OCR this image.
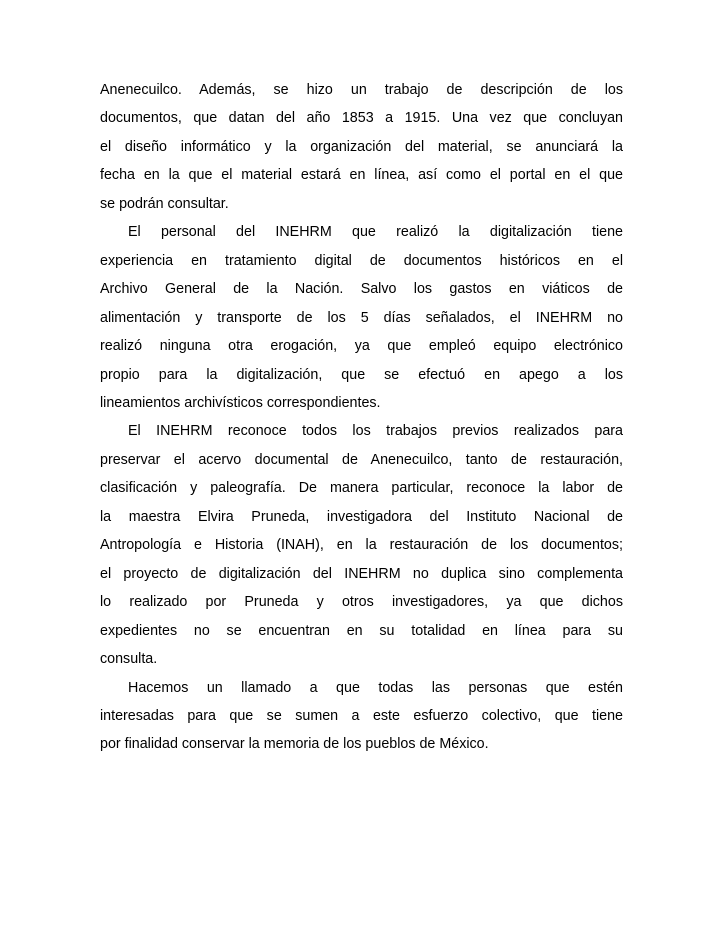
Anenecuilco. Además, se hizo un trabajo de descripción de los
documentos, que datan del año 1853 a 1915. Una vez que concluyan
el diseño informático y la organización del material, se anunciará la
fecha en la que el material estará en línea, así como el portal en el que
se podrán consultar.
El personal del INEHRM que realizó la digitalización tiene
experiencia en tratamiento digital de documentos históricos en el
Archivo General de la Nación. Salvo los gastos en viáticos de
alimentación y transporte de los 5 días señalados, el INEHRM no
realizó ninguna otra erogación, ya que empleó equipo electrónico
propio para la digitalización, que se efectuó en apego a los
lineamientos archivísticos correspondientes.
El INEHRM reconoce todos los trabajos previos realizados para
preservar el acervo documental de Anenecuilco, tanto de restauración,
clasificación y paleografía. De manera particular, reconoce la labor de
la maestra Elvira Pruneda, investigadora del Instituto Nacional de
Antropología e Historia (INAH), en la restauración de los documentos;
el proyecto de digitalización del INEHRM no duplica sino complementa
lo realizado por Pruneda y otros investigadores, ya que dichos
expedientes no se encuentran en su totalidad en línea para su
consulta.
Hacemos un llamado a que todas las personas que estén
interesadas para que se sumen a este esfuerzo colectivo, que tiene
por finalidad conservar la memoria de los pueblos de México.
